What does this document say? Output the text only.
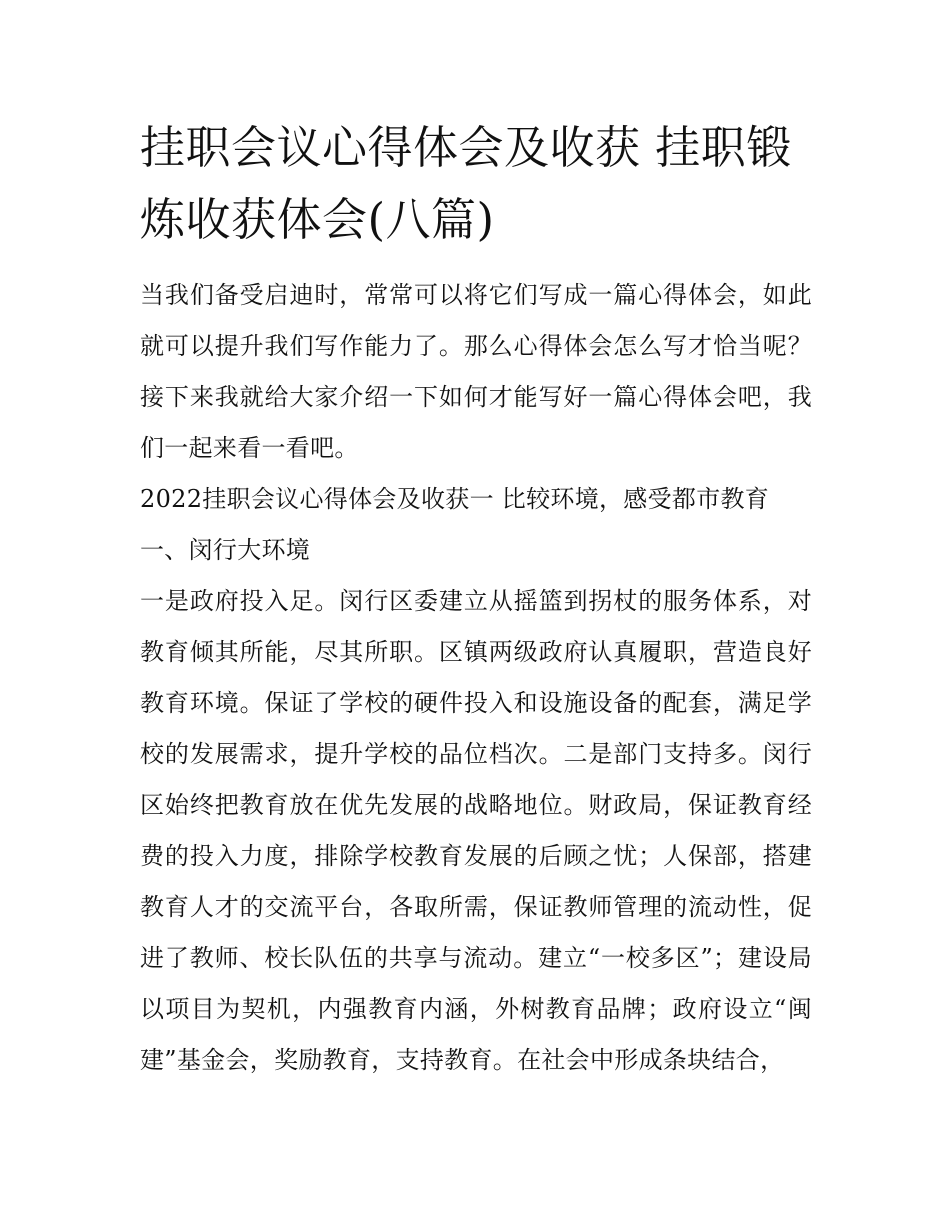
挂职会议心得体会及收获 挂职锻炼收获体会(八篇)

当我们备受启迪时，常常可以将它们写成一篇心得体会，如此就可以提升我们写作能力了。那么心得体会怎么写才恰当呢？接下来我就给大家介绍一下如何才能写好一篇心得体会吧，我们一起来看一看吧。

2022挂职会议心得体会及收获一 比较环境，感受都市教育

一、闵行大环境

一是政府投入足。闵行区委建立从摇篮到拐杖的服务体系，对教育倾其所能，尽其所职。区镇两级政府认真履职，营造良好教育环境。保证了学校的硬件投入和设施设备的配套，满足学校的发展需求，提升学校的品位档次。二是部门支持多。闵行区始终把教育放在优先发展的战略地位。财政局，保证教育经费的投入力度，排除学校教育发展的后顾之忧；人保部，搭建教育人才的交流平台，各取所需，保证教师管理的流动性，促进了教师、校长队伍的共享与流动。建立“一校多区”；建设局以项目为契机，内强教育内涵，外树教育品牌；政府设立“闽建”基金会，奖励教育，支持教育。在社会中形成条块结合，
